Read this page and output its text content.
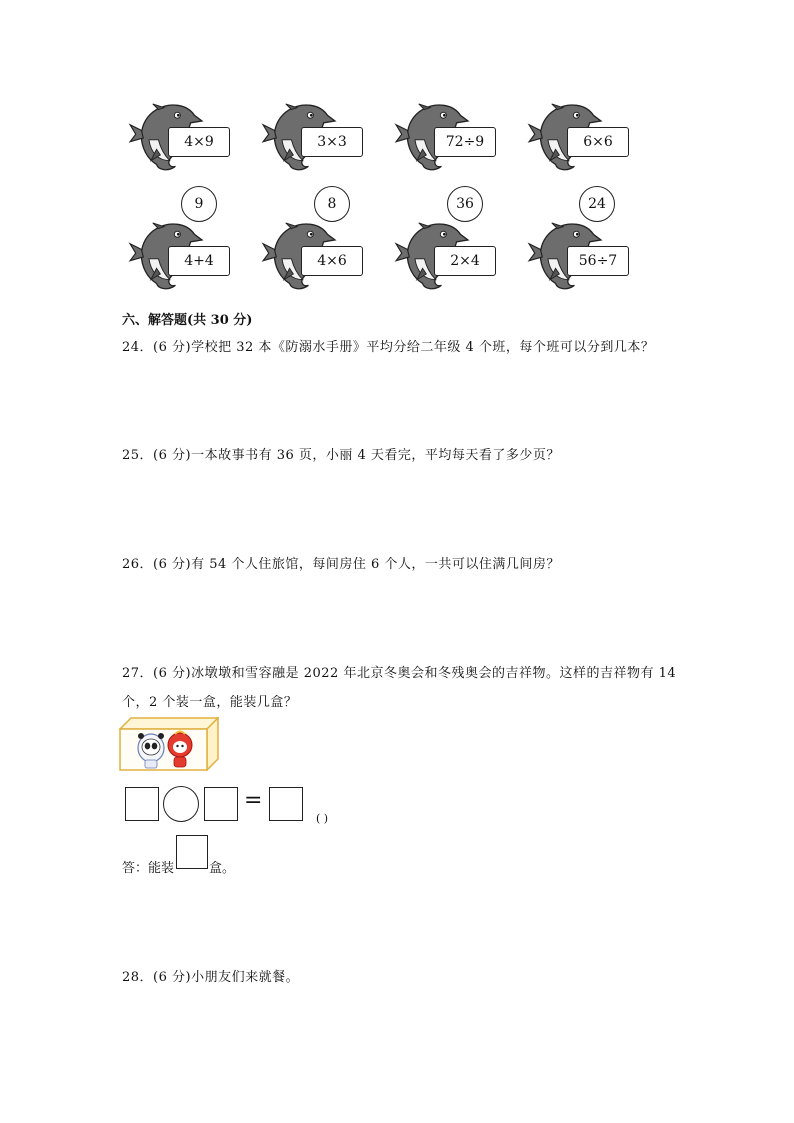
4×9	3×3	72÷9	6×6
9	8	36	24
4+4	4×6	2×4	56÷7
六、解答题(共 30 分)
24．(6 分)学校把 32 本《防溺水手册》平均分给二年级 4 个班，每个班可以分到几本？
25．(6 分)一本故事书有 36 页，小丽 4 天看完，平均每天看了多少页？
26．(6 分)有 54 个人住旅馆，每间房住 6 个人，一共可以住满几间房？
27．(6 分)冰墩墩和雪容融是 2022 年北京冬奥会和冬残奥会的吉祥物。这样的吉祥物有 14
个，2 个装一盒，能装几盒？
=
( )
答：能装	盒。
28．(6 分)小朋友们来就餐。
